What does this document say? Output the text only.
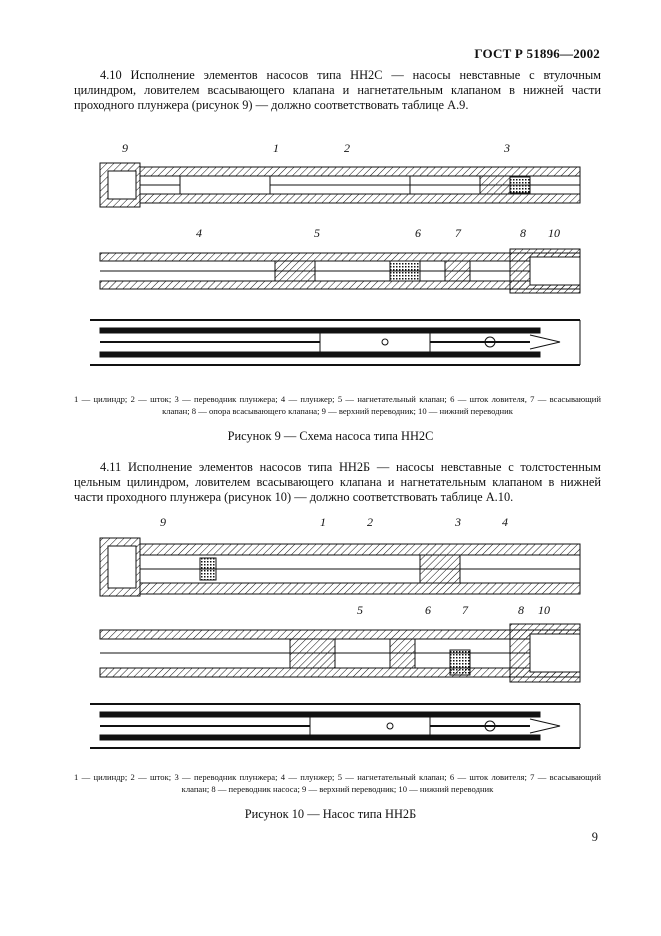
ГОСТ Р 51896—2002

4.10 Исполнение элементов насосов типа НН2С — насосы невставные с втулочным цилиндром, ловителем всасывающего клапана и нагнетательным клапаном в нижней части проходного плунжера (рисунок 9) — должно соответствовать таблице А.9.

9	1	2	3
4	5	6	7	8 10
1 — цилиндр; 2 — шток; 3 — переводник плунжера; 4 — плунжер; 5 — нагнетательный клапан; 6 — шток ловителя, 7 — всасывающий клапан; 8 — опора всасывающего клапана; 9 — верхний переводник; 10 — нижний переводник
Рисунок 9 — Схема насоса типа НН2С

4.11 Исполнение элементов насосов типа НН2Б — насосы невставные с толстостенным цельным цилиндром, ловителем всасывающего клапана и нагнетательным клапаном в нижней части проходного плунжера (рисунок 10) — должно соответствовать таблице А.10.

9	1	2	3	4
5	6	7	8 10
1 — цилиндр; 2 — шток; 3 — переводник плунжера; 4 — плунжер; 5 — нагнетательный клапан; 6 — шток ловителя; 7 — всасывающий клапан; 8 — переводник насоса; 9 — верхний переводник; 10 — нижний переводник
Рисунок 10 — Насос типа НН2Б
9
